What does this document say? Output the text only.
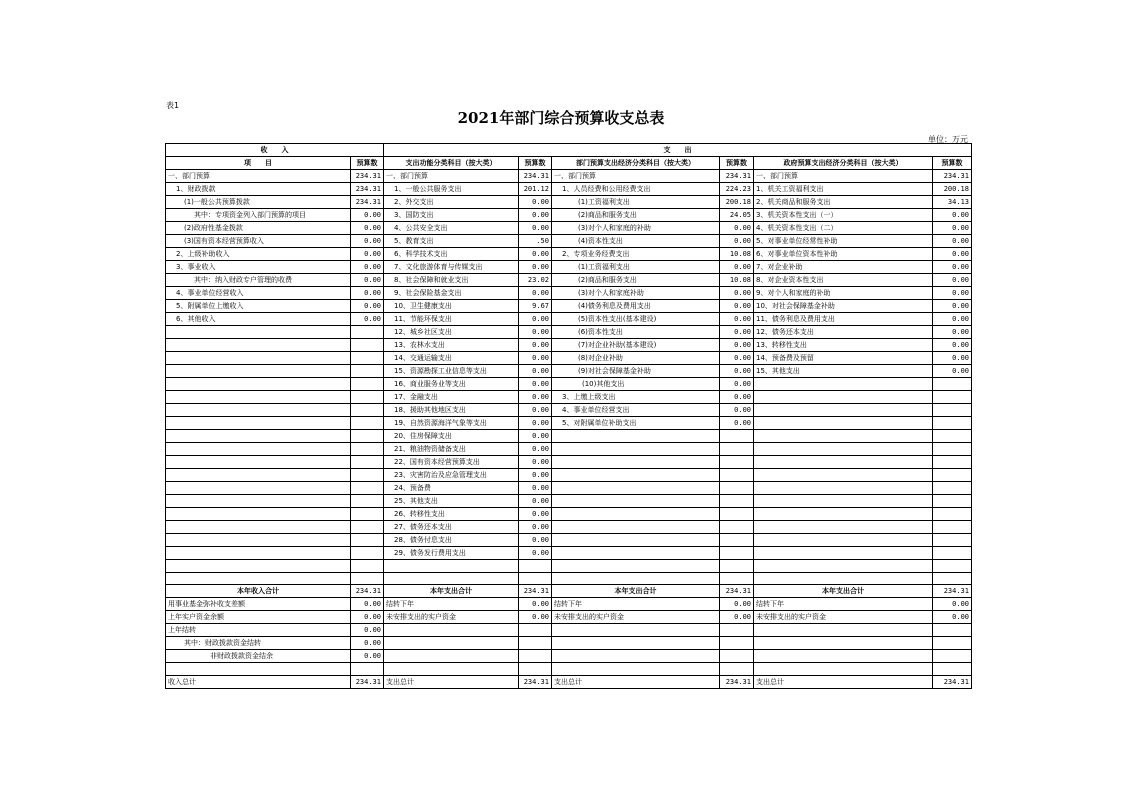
表1
2021年部门综合预算收支总表
单位：万元
收　　入		支　　出					
项　　目	预算数	支出功能分类科目（按大类）	预算数	部门预算支出经济分类科目（按大类）	预算数	政府预算支出经济分类科目（按大类）	预算数
一、部门预算	234.31	一、部门预算	234.31	一、部门预算	234.31	一、部门预算	234.31
1、财政拨款	234.31	1、一般公共服务支出	201.12	1、人员经费和公用经费支出	224.23	1、机关工资福利支出	200.18
(1)一般公共预算拨款	234.31	2、外交支出	0.00	(1)工资福利支出	200.18	2、机关商品和服务支出	34.13
其中：专项资金列入部门预算的项目	0.00	3、国防支出	0.00	(2)商品和服务支出	24.05	3、机关资本性支出（一）	0.00
(2)政府性基金拨款	0.00	4、公共安全支出	0.00	(3)对个人和家庭的补助	0.00	4、机关资本性支出（二）	0.00
(3)国有资本经营预算收入	0.00	5、教育支出	.50	(4)资本性支出	0.00	5、对事业单位经常性补助	0.00
2、上级补助收入	0.00	6、科学技术支出	0.00	2、专项业务经费支出	10.08	6、对事业单位资本性补助	0.00
3、事业收入	0.00	7、文化旅游体育与传媒支出	0.00	(1)工资福利支出	0.00	7、对企业补助	0.00
其中：纳入财政专户管理的收费	0.00	8、社会保障和就业支出	23.02	(2)商品和服务支出	10.08	8、对企业资本性支出	0.00
4、事业单位经营收入	0.00	9、社会保险基金支出	0.00	(3)对个人和家庭补助	0.00	9、对个人和家庭的补助	0.00
5、附属单位上缴收入	0.00	10、卫生健康支出	9.67	(4)债务利息及费用支出	0.00	10、对社会保障基金补助	0.00
6、其他收入	0.00	11、节能环保支出	0.00	(5)资本性支出(基本建设)	0.00	11、债务利息及费用支出	0.00
		12、城乡社区支出	0.00	(6)资本性支出	0.00	12、债务还本支出	0.00
		13、农林水支出	0.00	(7)对企业补助(基本建设)	0.00	13、转移性支出	0.00
		14、交通运输支出	0.00	(8)对企业补助	0.00	14、预备费及预留	0.00
		15、资源勘探工业信息等支出	0.00	(9)对社会保障基金补助	0.00	15、其他支出	0.00
		16、商业服务业等支出	0.00	(10)其他支出	0.00		
		17、金融支出	0.00	3、上缴上级支出	0.00		
		18、援助其他地区支出	0.00	4、事业单位经营支出	0.00		
		19、自然资源海洋气象等支出	0.00	5、对附属单位补助支出	0.00		
		20、住房保障支出	0.00				
		21、粮油物资储备支出	0.00				
		22、国有资本经营预算支出	0.00				
		23、灾害防治及应急管理支出	0.00				
		24、预备费	0.00				
		25、其他支出	0.00				
		26、转移性支出	0.00				
		27、债务还本支出	0.00				
		28、债务付息支出	0.00				
		29、债务发行费用支出	0.00				

本年收入合计	234.31	本年支出合计	234.31	本年支出合计	234.31	本年支出合计	234.31
用事业基金弥补收支差额	0.00	结转下年	0.00	结转下年	0.00	结转下年	0.00
上年实户资金余额	0.00	未安排支出的实户资金	0.00	未安排支出的实户资金	0.00	未安排支出的实户资金	0.00
上年结转	0.00						
其中：财政拨款资金结转	0.00						
非财政拨款资金结余	0.00						

收入总计	234.31	支出总计	234.31	支出总计	234.31	支出总计	234.31
